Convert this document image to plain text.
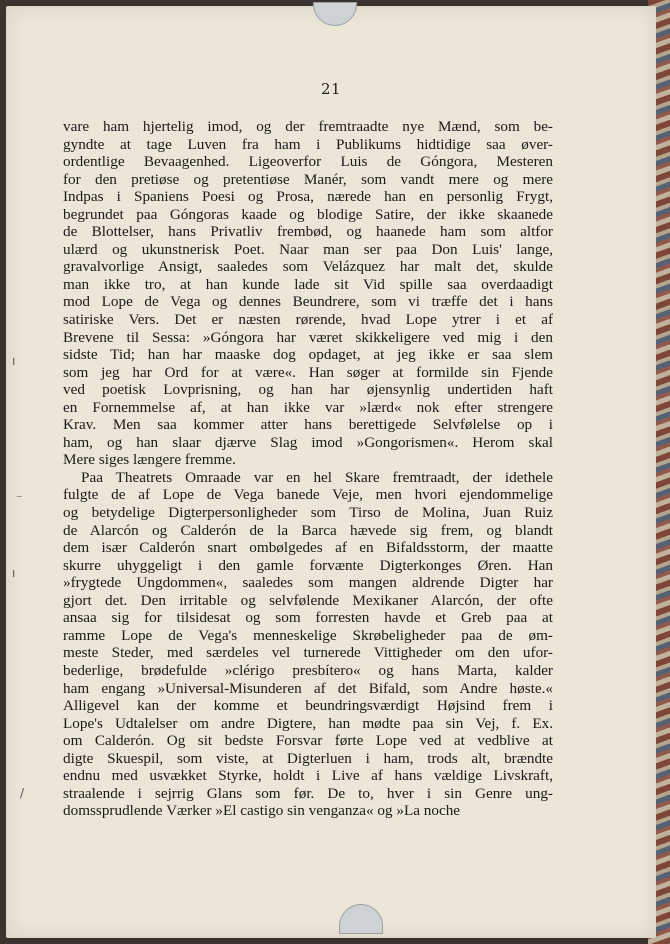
21
vare ham hjertelig imod, og der fremtraadte nye Mænd, som be-
gyndte at tage Luven fra ham i Publikums hidtidige saa øver-
ordentlige Bevaagenhed. Ligeoverfor Luis de Góngora, Mesteren
for den pretiøse og pretentiøse Manér, som vandt mere og mere
Indpas i Spaniens Poesi og Prosa, nærede han en personlig Frygt,
begrundet paa Góngoras kaade og blodige Satire, der ikke skaanede
de Blottelser, hans Privatliv frembød, og haanede ham som altfor
ulærd og ukunstnerisk Poet. Naar man ser paa Don Luis' lange,
gravalvorlige Ansigt, saaledes som Velázquez har malt det, skulde
man ikke tro, at han kunde lade sit Vid spille saa overdaadigt
mod Lope de Vega og dennes Beundrere, som vi træffe det i hans
satiriske Vers. Det er næsten rørende, hvad Lope ytrer i et af
Brevene til Sessa: »Góngora har været skikkeligere ved mig i den
sidste Tid; han har maaske dog opdaget, at jeg ikke er saa slem
som jeg har Ord for at være«. Han søger at formilde sin Fjende
ved poetisk Lovprisning, og han har øjensynlig undertiden haft
en Fornemmelse af, at han ikke var »lærd« nok efter strengere
Krav. Men saa kommer atter hans berettigede Selvfølelse op i
ham, og han slaar djærve Slag imod »Gongorismen«. Herom skal
Mere siges længere fremme.
Paa Theatrets Omraade var en hel Skare fremtraadt, der idethele
fulgte de af Lope de Vega banede Veje, men hvori ejendommelige
og betydelige Digterpersonligheder som Tirso de Molina, Juan Ruiz
de Alarcón og Calderón de la Barca hævede sig frem, og blandt
dem især Calderón snart ombølgedes af en Bifaldsstorm, der maatte
skurre uhyggeligt i den gamle forvænte Digterkonges Øren. Han
»frygtede Ungdommen«, saaledes som mangen aldrende Digter har
gjort det. Den irritable og selvfølende Mexikaner Alarcón, der ofte
ansaa sig for tilsidesat og som forresten havde et Greb paa at
ramme Lope de Vega's menneskelige Skrøbeligheder paa de øm-
meste Steder, med særdeles vel turnerede Vittigheder om den ufor-
bederlige, brødefulde »clérigo presbítero« og hans Marta, kalder
ham engang »Universal-Misunderen af det Bifald, som Andre høste.«
Alligevel kan der komme et beundringsværdigt Højsind frem i
Lope's Udtalelser om andre Digtere, han mødte paa sin Vej, f. Ex.
om Calderón. Og sit bedste Forsvar førte Lope ved at vedblive at
digte Skuespil, som viste, at Digterluen i ham, trods alt, brændte
endnu med usvækket Styrke, holdt i Live af hans vældige Livskraft,
straalende i sejrrig Glans som før. De to, hver i sin Genre ung-
domssprudlende Værker »El castigo sin venganza« og »La noche
ı
ı
⁻
/
